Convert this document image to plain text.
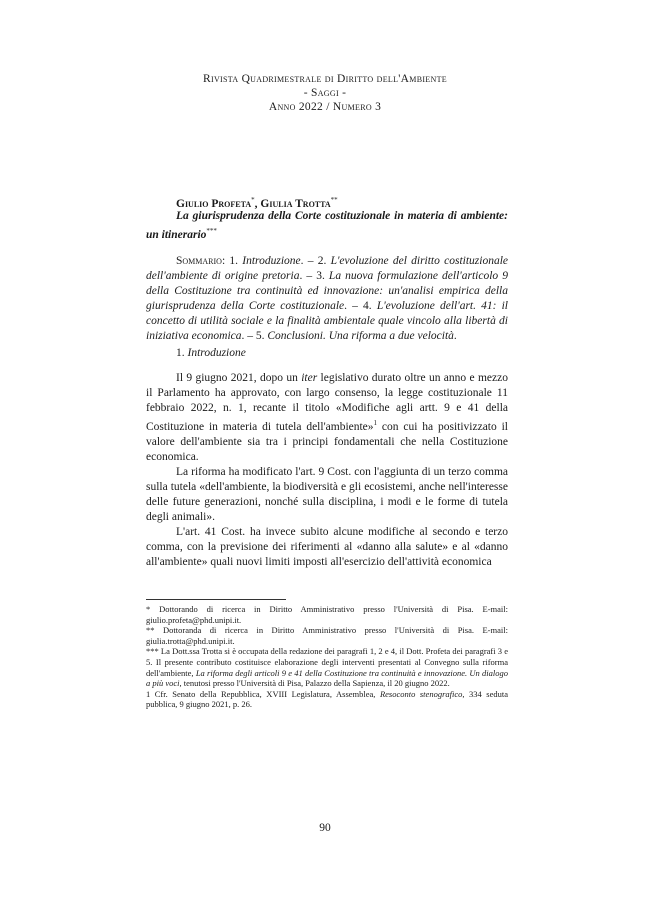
Rivista Quadrimestrale di Diritto dell'Ambiente
- Saggi -
Anno 2022 / Numero 3
Giulio Profeta*, Giulia Trotta**
La giurisprudenza della Corte costituzionale in materia di ambiente: un itinerario***
Sommario: 1. Introduzione. – 2. L'evoluzione del diritto costituzionale dell'ambiente di origine pretoria. – 3. La nuova formulazione dell'articolo 9 della Costituzione tra continuità ed innovazione: un'analisi empirica della giurisprudenza della Corte costituzionale. – 4. L'evoluzione dell'art. 41: il concetto di utilità sociale e la finalità ambientale quale vincolo alla libertà di iniziativa economica. – 5. Conclusioni. Una riforma a due velocità.
1. Introduzione

Il 9 giugno 2021, dopo un iter legislativo durato oltre un anno e mezzo il Parlamento ha approvato, con largo consenso, la legge costituzionale 11 febbraio 2022, n. 1, recante il titolo «Modifiche agli artt. 9 e 41 della Costituzione in materia di tutela dell'ambiente»$^1$ con cui ha positivizzato il valore dell'ambiente sia tra i principi fondamentali che nella Costituzione economica.

La riforma ha modificato l'art. 9 Cost. con l'aggiunta di un terzo comma sulla tutela «dell'ambiente, la biodiversità e gli ecosistemi, anche nell'interesse delle future generazioni, nonché sulla disciplina, i modi e le forme di tutela degli animali».

L'art. 41 Cost. ha invece subito alcune modifiche al secondo e terzo comma, con la previsione dei riferimenti al «danno alla salute» e al «danno all'ambiente» quali nuovi limiti imposti all'esercizio dell'attività economica

* Dottorando di ricerca in Diritto Amministrativo presso l'Università di Pisa. E-mail: giulio.profeta@phd.unipi.it.

** Dottoranda di ricerca in Diritto Amministrativo presso l'Università di Pisa. E-mail: giulia.trotta@phd.unipi.it.

*** La Dott.ssa Trotta si è occupata della redazione dei paragrafi 1, 2 e 4, il Dott. Profeta dei paragrafi 3 e 5. Il presente contributo costituisce elaborazione degli interventi presentati al Convegno sulla riforma dell'ambiente, La riforma degli articoli 9 e 41 della Costituzione tra continuità e innovazione. Un dialogo a più voci, tenutosi presso l'Università di Pisa, Palazzo della Sapienza, il 20 giugno 2022.

1 Cfr. Senato della Repubblica, XVIII Legislatura, Assemblea, Resoconto stenografico, 334 seduta pubblica, 9 giugno 2021, p. 26.

90
